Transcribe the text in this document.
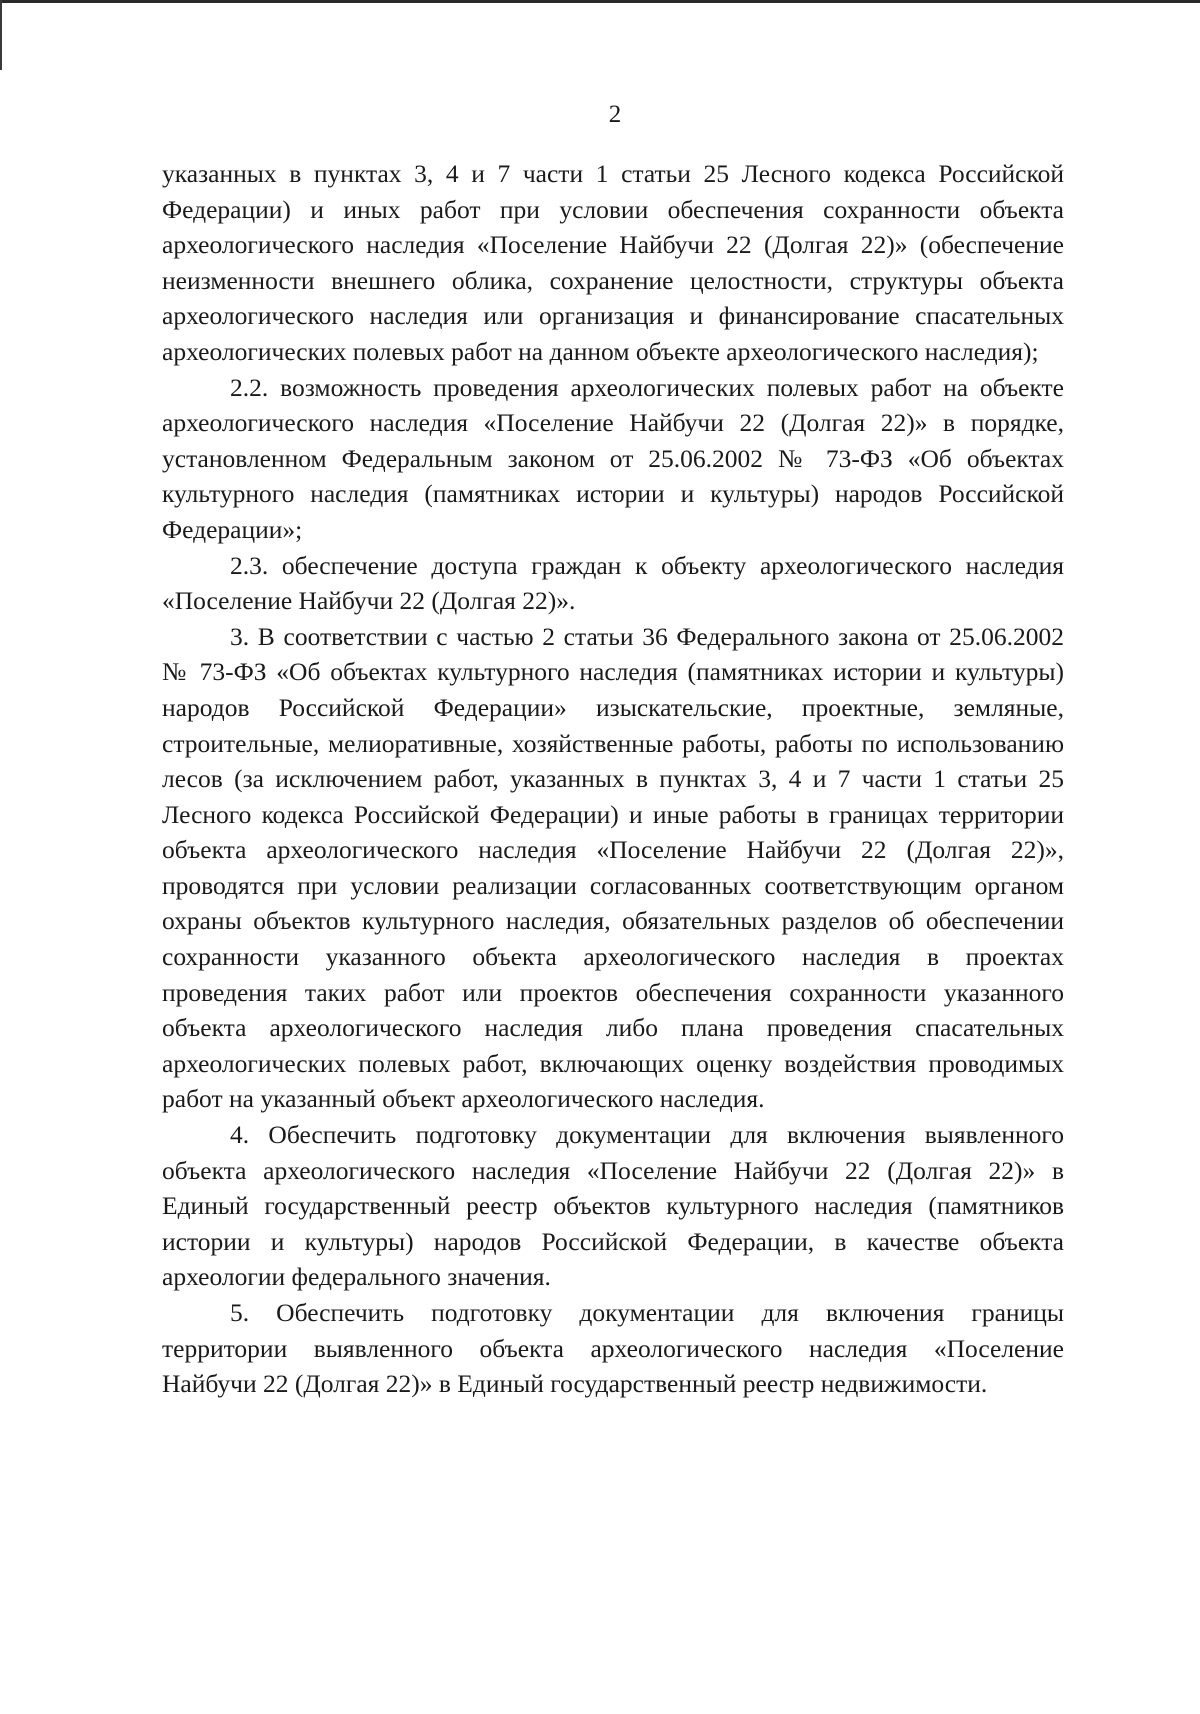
2

указанных в пунктах 3, 4 и 7 части 1 статьи 25 Лесного кодекса Российской Федерации) и иных работ при условии обеспечения сохранности объекта археологического наследия «Поселение Найбучи 22 (Долгая 22)» (обеспечение неизменности внешнего облика, сохранение целостности, структуры объекта археологического наследия или организация и финансирование спасательных археологических полевых работ на данном объекте археологического наследия);

2.2. возможность проведения археологических полевых работ на объекте археологического наследия «Поселение Найбучи 22 (Долгая 22)» в порядке, установленном Федеральным законом от 25.06.2002 № 73-ФЗ «Об объектах культурного наследия (памятниках истории и культуры) народов Российской Федерации»;

2.3. обеспечение доступа граждан к объекту археологического наследия «Поселение Найбучи 22 (Долгая 22)».

3. В соответствии с частью 2 статьи 36 Федерального закона от 25.06.2002 № 73-ФЗ «Об объектах культурного наследия (памятниках истории и культуры) народов Российской Федерации» изыскательские, проектные, земляные, строительные, мелиоративные, хозяйственные работы, работы по использованию лесов (за исключением работ, указанных в пунктах 3, 4 и 7 части 1 статьи 25 Лесного кодекса Российской Федерации) и иные работы в границах территории объекта археологического наследия «Поселение Найбучи 22 (Долгая 22)», проводятся при условии реализации согласованных соответствующим органом охраны объектов культурного наследия, обязательных разделов об обеспечении сохранности указанного объекта археологического наследия в проектах проведения таких работ или проектов обеспечения сохранности указанного объекта археологического наследия либо плана проведения спасательных археологических полевых работ, включающих оценку воздействия проводимых работ на указанный объект археологического наследия.

4. Обеспечить подготовку документации для включения выявленного объекта археологического наследия «Поселение Найбучи 22 (Долгая 22)» в Единый государственный реестр объектов культурного наследия (памятников истории и культуры) народов Российской Федерации, в качестве объекта археологии федерального значения.

5. Обеспечить подготовку документации для включения границы территории выявленного объекта археологического наследия «Поселение Найбучи 22 (Долгая 22)» в Единый государственный реестр недвижимости.
